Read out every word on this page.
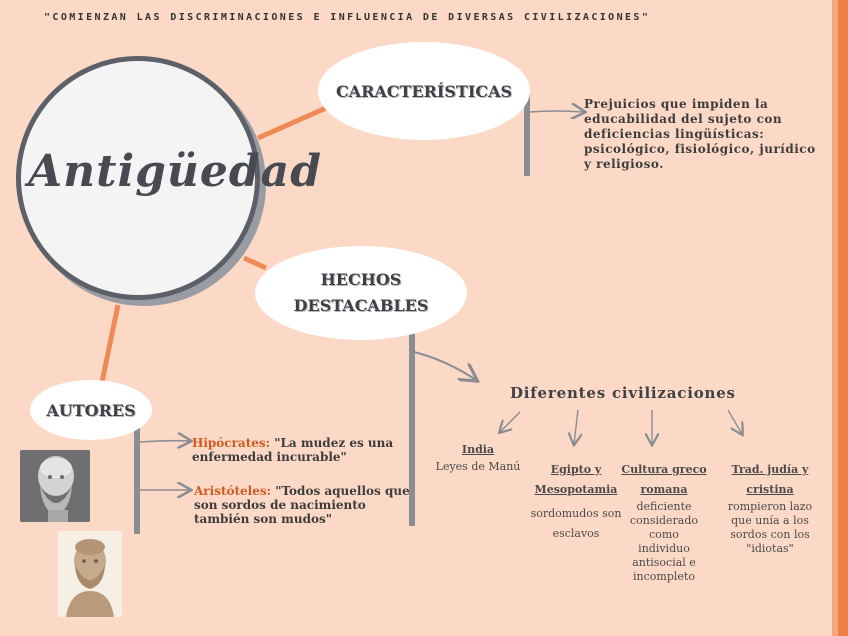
"COMIENZAN LAS DISCRIMINACIONES E INFLUENCIA DE DIVERSAS CIVILIZACIONES"
Antigüedad
CARACTERÍSTICAS
HECHOS
DESTACABLES
AUTORES
Prejuicios que impiden la educabilidad del sujeto con deficiencias lingüísticas: psicológico, fisiológico, jurídico y religioso.
Diferentes civilizaciones
India
Leyes de Manú	Egipto y Mesopotamia
sordomudos son esclavos
Cultura greco romana
deficiente considerado como individuo antisocial e incompleto
Trad. judía y cristina
rompieron lazo que unía a los sordos con los "idiotas"
Hipócrates: "La mudez es una enfermedad incurable"
Aristóteles: "Todos aquellos que son sordos de nacimiento también son mudos"
